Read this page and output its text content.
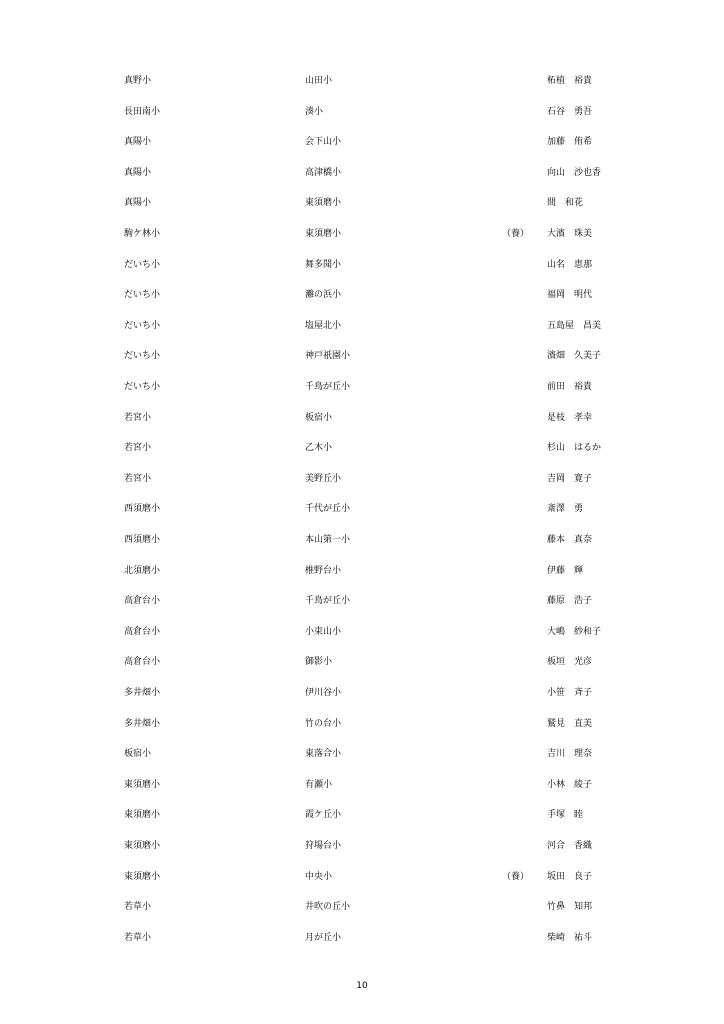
真野小	山田小	柘植　裕貴
長田南小	湊小	石谷　勇吾
真陽小	会下山小	加藤　侑希
真陽小	高津橋小	向山　沙也香
真陽小	東須磨小	間　和花
駒ケ林小	東須磨小	（養） 大濱　珠美
だいち小	舞多聞小	山名　恵那
だいち小	灘の浜小	福岡　明代
だいち小	塩屋北小	五島屋　昌美
だいち小	神戸祇園小	濱畑　久美子
だいち小	千鳥が丘小	前田　裕貴
若宮小	板宿小	是枝　孝幸
若宮小	乙木小	杉山　はるか
若宮小	美野丘小	吉岡　寛子
西須磨小	千代が丘小	斎澤　勇
西須磨小	本山第一小	藤本　真奈
北須磨小	椎野台小	伊藤　輝
高倉台小	千鳥が丘小	藤原　浩子
高倉台小	小束山小	大嶋　紗和子
高倉台小	御影小	板垣　光彦
多井畑小	伊川谷小	小笹　斉子
多井畑小	竹の台小	鷲見　直美
板宿小	東落合小	吉川　理奈
東須磨小	有瀬小	小林　綾子
東須磨小	霞ケ丘小	手塚　睦
東須磨小	狩場台小	河合　香織
東須磨小	中央小	（養） 坂田　良子
若草小	井吹の丘小	竹鼻　知邦
若草小	月が丘小	柴崎　祐斗
10
